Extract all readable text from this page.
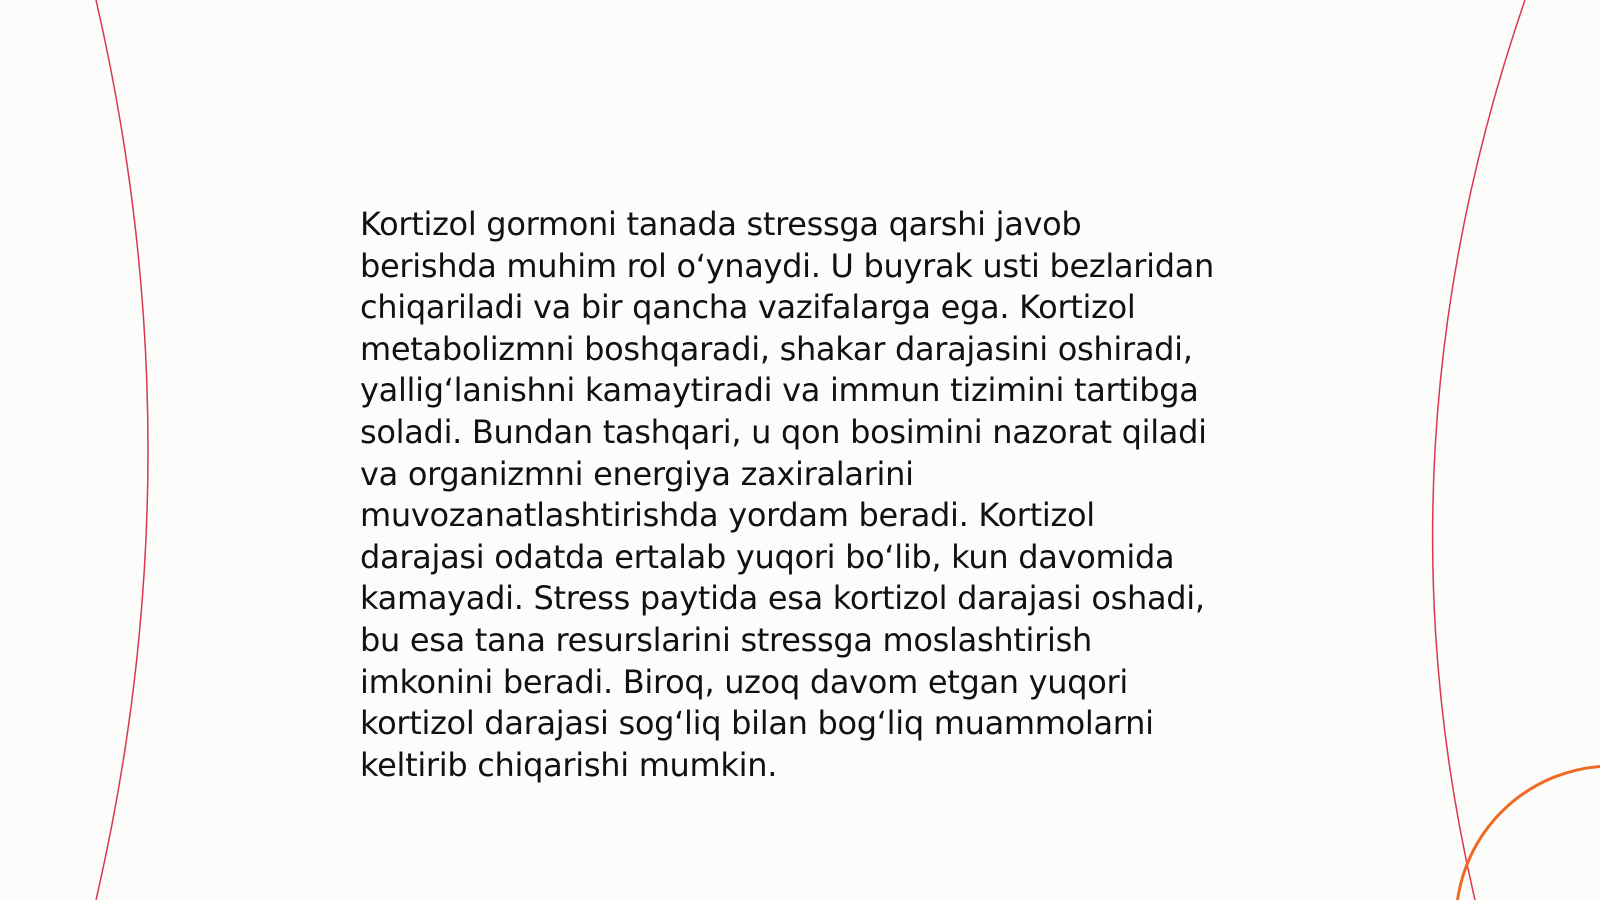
Kortizol gormoni tanada stressga qarshi javob
berishda muhim rol o‘ynaydi. U buyrak usti bezlaridan
chiqariladi va bir qancha vazifalarga ega. Kortizol
metabolizmni boshqaradi, shakar darajasini oshiradi,
yallig‘lanishni kamaytiradi va immun tizimini tartibga
soladi. Bundan tashqari, u qon bosimini nazorat qiladi
va organizmni energiya zaxiralarini
muvozanatlashtirishda yordam beradi. Kortizol
darajasi odatda ertalab yuqori bo‘lib, kun davomida
kamayadi. Stress paytida esa kortizol darajasi oshadi,
bu esa tana resurslarini stressga moslashtirish
imkonini beradi. Biroq, uzoq davom etgan yuqori
kortizol darajasi sog‘liq bilan bog‘liq muammolarni
keltirib chiqarishi mumkin.
